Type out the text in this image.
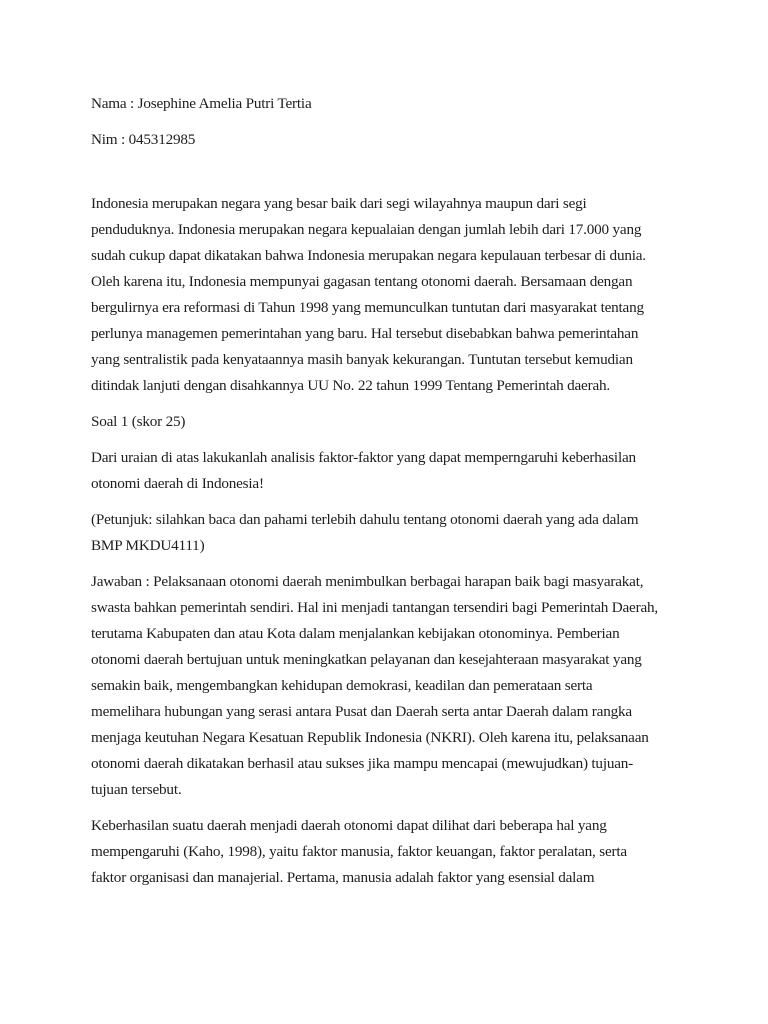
Nama : Josephine Amelia Putri Tertia
Nim : 045312985
Indonesia merupakan negara yang besar baik dari segi wilayahnya maupun dari segi
penduduknya. Indonesia merupakan negara kepualaian dengan jumlah lebih dari 17.000 yang
sudah cukup dapat dikatakan bahwa Indonesia merupakan negara kepulauan terbesar di dunia.
Oleh karena itu, Indonesia mempunyai gagasan tentang otonomi daerah. Bersamaan dengan
bergulirnya era reformasi di Tahun 1998 yang memunculkan tuntutan dari masyarakat tentang
perlunya managemen pemerintahan yang baru. Hal tersebut disebabkan bahwa pemerintahan
yang sentralistik pada kenyataannya masih banyak kekurangan. Tuntutan tersebut kemudian
ditindak lanjuti dengan disahkannya UU No. 22 tahun 1999 Tentang Pemerintah daerah.
Soal 1 (skor 25)
Dari uraian di atas lakukanlah analisis faktor-faktor yang dapat memperngaruhi keberhasilan
otonomi daerah di Indonesia!
(Petunjuk: silahkan baca dan pahami terlebih dahulu tentang otonomi daerah yang ada dalam
BMP MKDU4111)
Jawaban : Pelaksanaan otonomi daerah menimbulkan berbagai harapan baik bagi masyarakat,
swasta bahkan pemerintah sendiri. Hal ini menjadi tantangan tersendiri bagi Pemerintah Daerah,
terutama Kabupaten dan atau Kota dalam menjalankan kebijakan otonominya. Pemberian
otonomi daerah bertujuan untuk meningkatkan pelayanan dan kesejahteraan masyarakat yang
semakin baik, mengembangkan kehidupan demokrasi, keadilan dan pemerataan serta
memelihara hubungan yang serasi antara Pusat dan Daerah serta antar Daerah dalam rangka
menjaga keutuhan Negara Kesatuan Republik Indonesia (NKRI). Oleh karena itu, pelaksanaan
otonomi daerah dikatakan berhasil atau sukses jika mampu mencapai (mewujudkan) tujuan-
tujuan tersebut.
Keberhasilan suatu daerah menjadi daerah otonomi dapat dilihat dari beberapa hal yang
mempengaruhi (Kaho, 1998), yaitu faktor manusia, faktor keuangan, faktor peralatan, serta
faktor organisasi dan manajerial. Pertama, manusia adalah faktor yang esensial dalam
